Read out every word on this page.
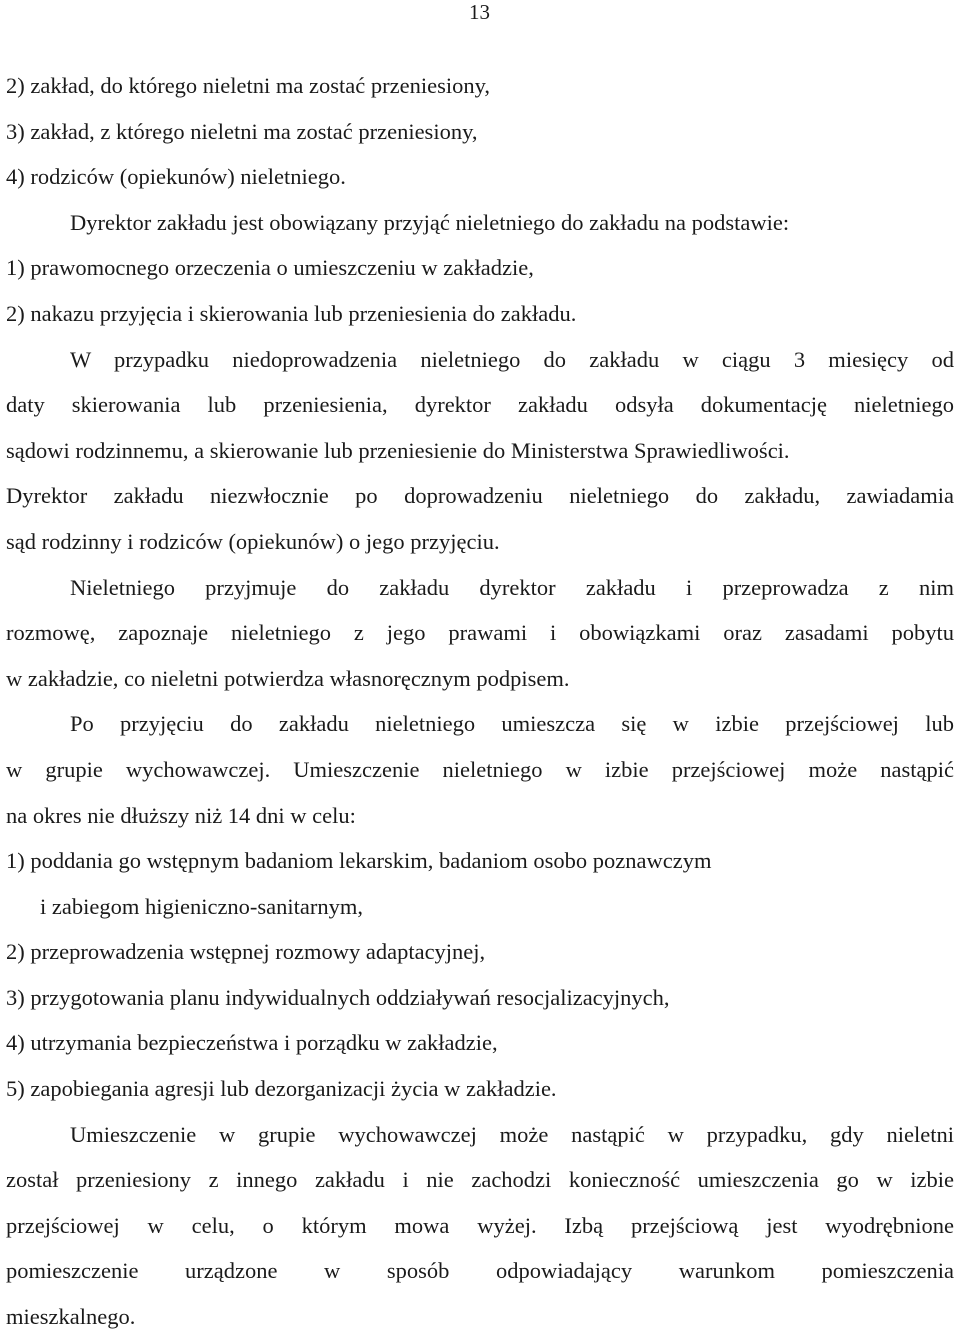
13
2) zakład, do którego nieletni ma zostać przeniesiony,
3) zakład, z którego nieletni ma zostać przeniesiony,
4) rodziców (opiekunów) nieletniego.
Dyrektor zakładu jest obowiązany przyjąć nieletniego do zakładu na podstawie:
1) prawomocnego orzeczenia o umieszczeniu w zakładzie,
2) nakazu przyjęcia i skierowania lub przeniesienia do zakładu.
W przypadku niedoprowadzenia nieletniego do zakładu w ciągu 3 miesięcy od
daty skierowania lub przeniesienia, dyrektor zakładu odsyła dokumentację nieletniego
sądowi rodzinnemu, a skierowanie lub przeniesienie do Ministerstwa Sprawiedliwości.
Dyrektor zakładu niezwłocznie po doprowadzeniu nieletniego do zakładu, zawiadamia
sąd rodzinny i rodziców (opiekunów) o jego przyjęciu.
Nieletniego przyjmuje do zakładu dyrektor zakładu i przeprowadza z nim
rozmowę, zapoznaje nieletniego z jego prawami i obowiązkami oraz zasadami pobytu
w zakładzie, co nieletni potwierdza własnoręcznym podpisem.
Po przyjęciu do zakładu nieletniego umieszcza się w izbie przejściowej lub
w grupie wychowawczej. Umieszczenie nieletniego w izbie przejściowej może nastąpić
na okres nie dłuższy niż 14 dni w celu:
1) poddania go wstępnym badaniom lekarskim, badaniom osobo poznawczym
i zabiegom higieniczno-sanitarnym,
2) przeprowadzenia wstępnej rozmowy adaptacyjnej,
3) przygotowania planu indywidualnych oddziaływań resocjalizacyjnych,
4) utrzymania bezpieczeństwa i porządku w zakładzie,
5) zapobiegania agresji lub dezorganizacji życia w zakładzie.
Umieszczenie w grupie wychowawczej może nastąpić w przypadku, gdy nieletni
został przeniesiony z innego zakładu i nie zachodzi konieczność umieszczenia go w izbie
przejściowej w celu, o którym mowa wyżej. Izbą przejściową jest wyodrębnione
pomieszczenie urządzone w sposób odpowiadający warunkom pomieszczenia
mieszkalnego.
